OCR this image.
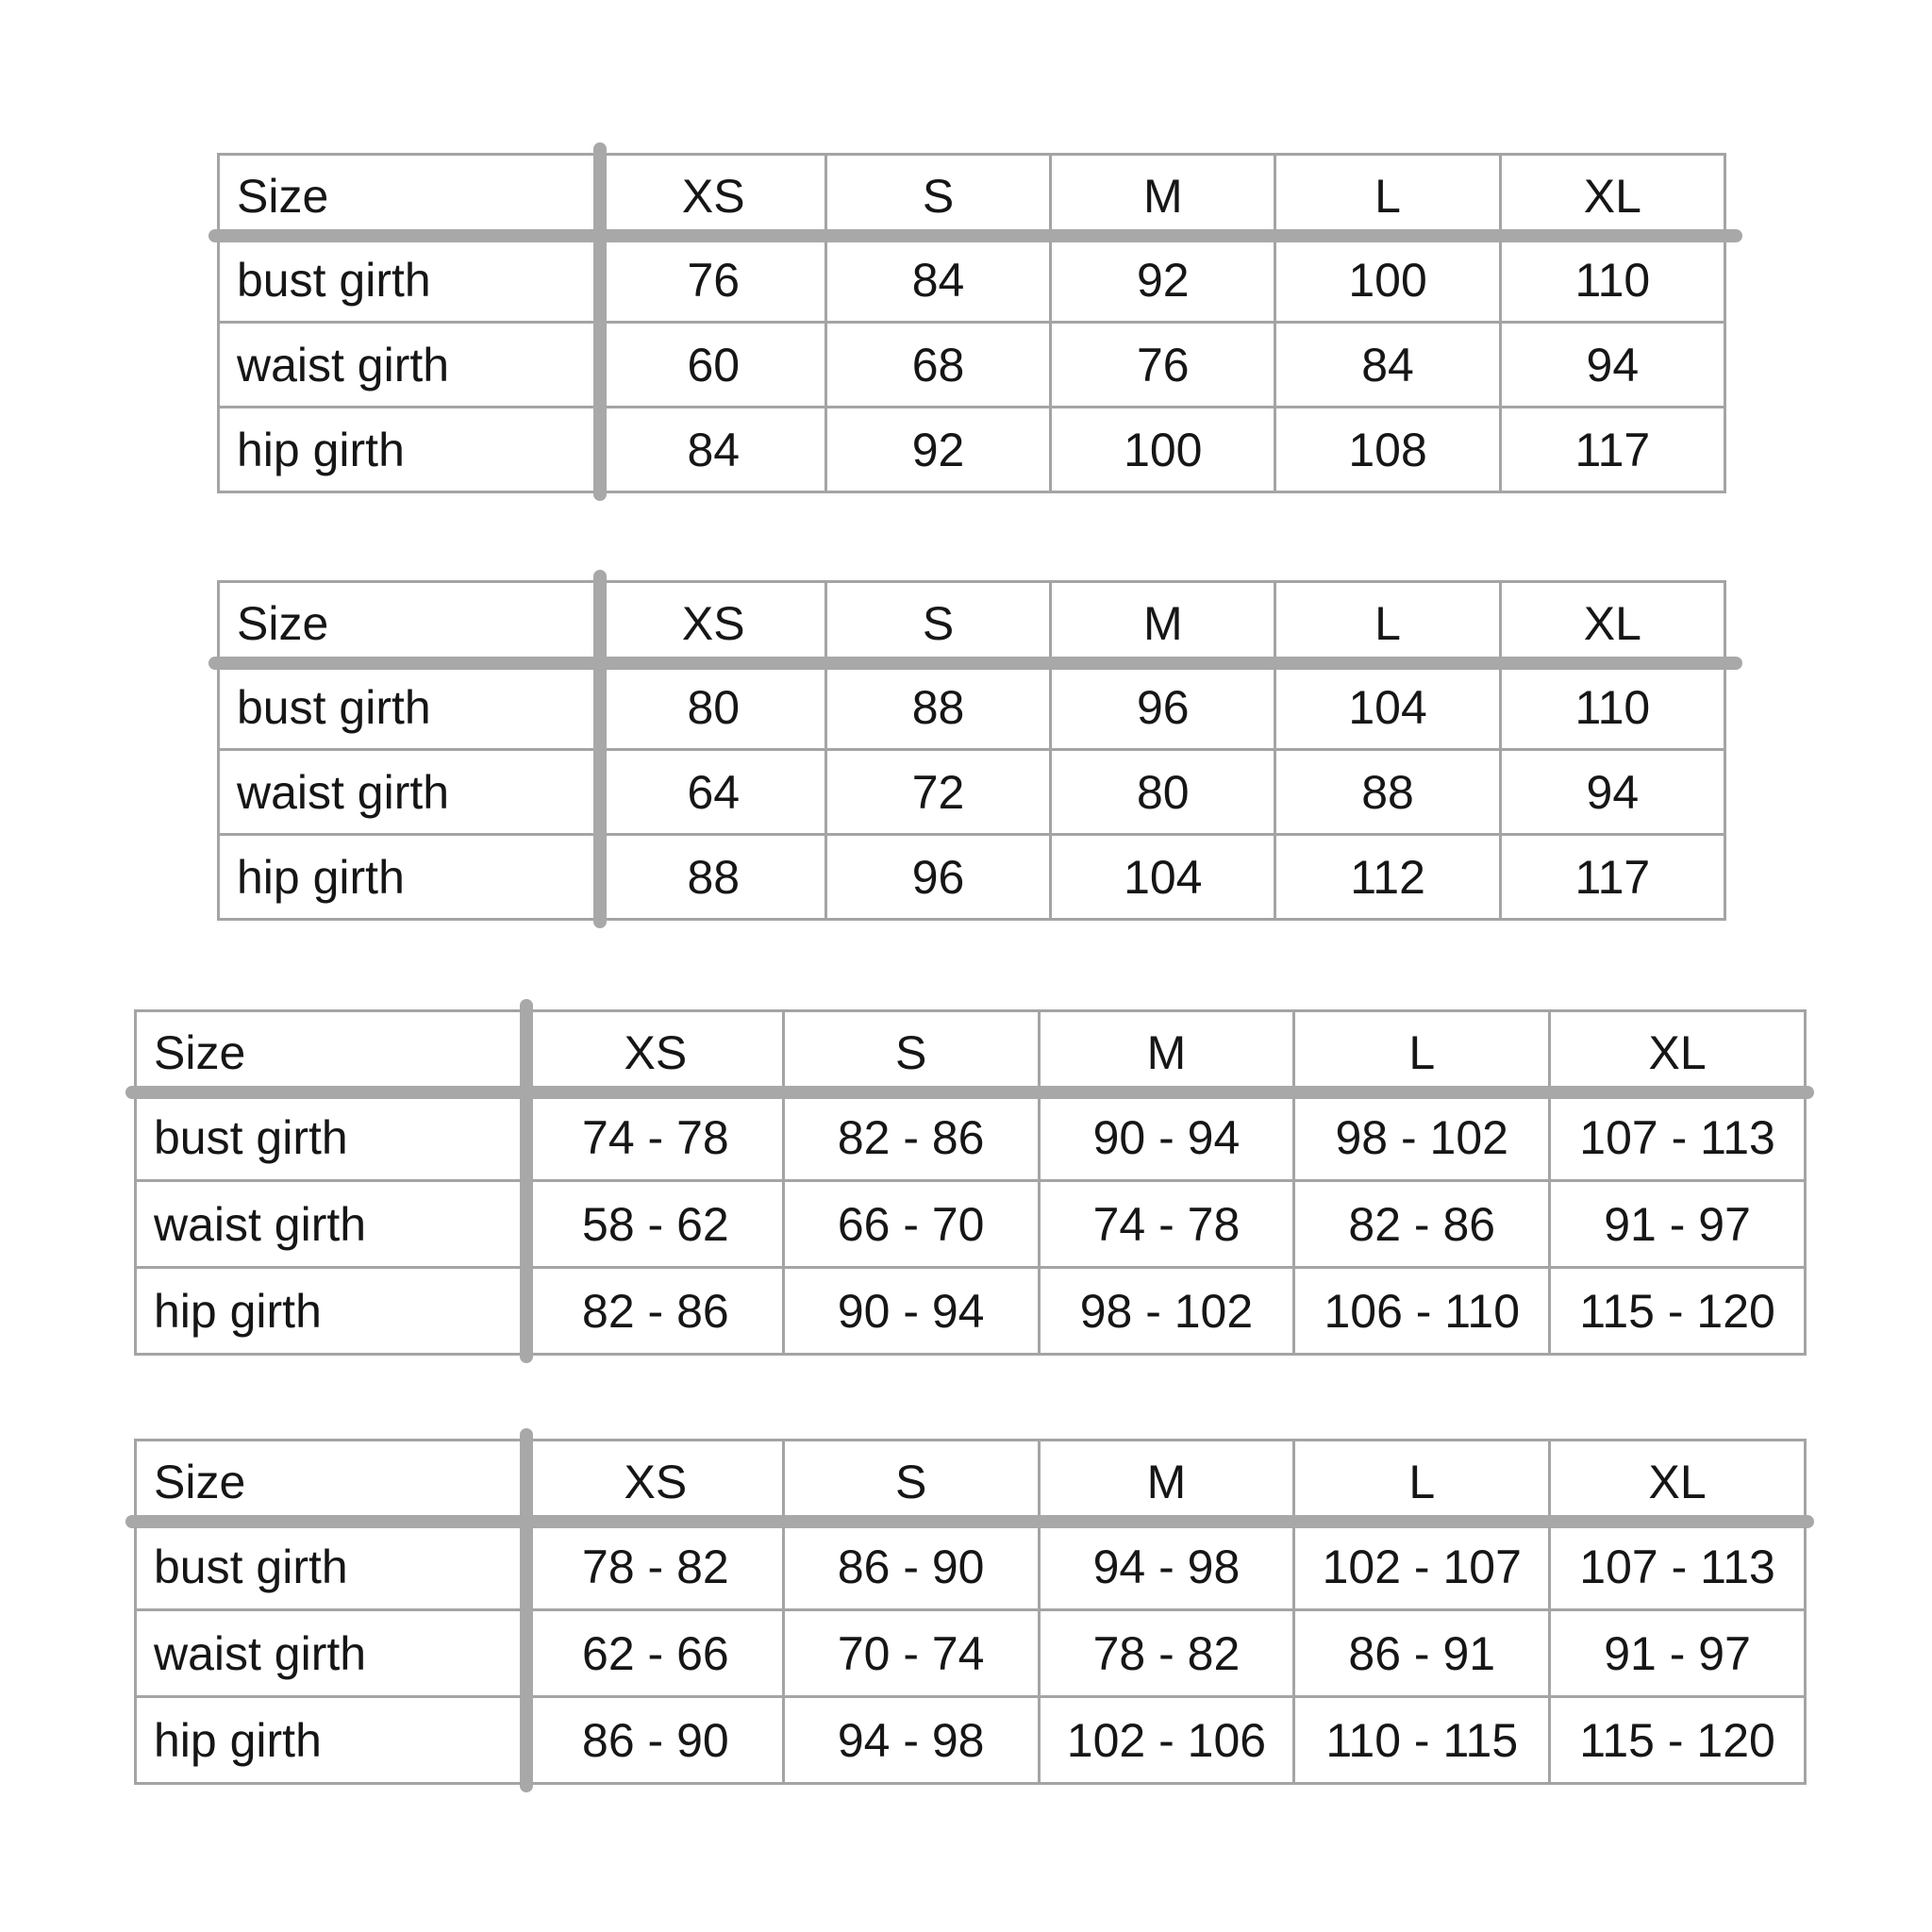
Size	XS	S	M	L	XL
bust girth	76	84	92	100	110
waist girth	60	68	76	84	94
hip girth	84	92	100	108	117
Size	XS	S	M	L	XL
bust girth	80	88	96	104	110
waist girth	64	72	80	88	94
hip girth	88	96	104	112	117
Size	XS	S	M	L	XL
bust girth	74 - 78	82 - 86	90 - 94	98 - 102	107 - 113
waist girth	58 - 62	66 - 70	74 - 78	82 - 86	91 - 97
hip girth	82 - 86	90 - 94	98 - 102	106 - 110	115 - 120
Size	XS	S	M	L	XL
bust girth	78 - 82	86 - 90	94 - 98	102 - 107	107 - 113
waist girth	62 - 66	70 - 74	78 - 82	86 - 91	91 - 97
hip girth	86 - 90	94 - 98	102 - 106	110 - 115	115 - 120
